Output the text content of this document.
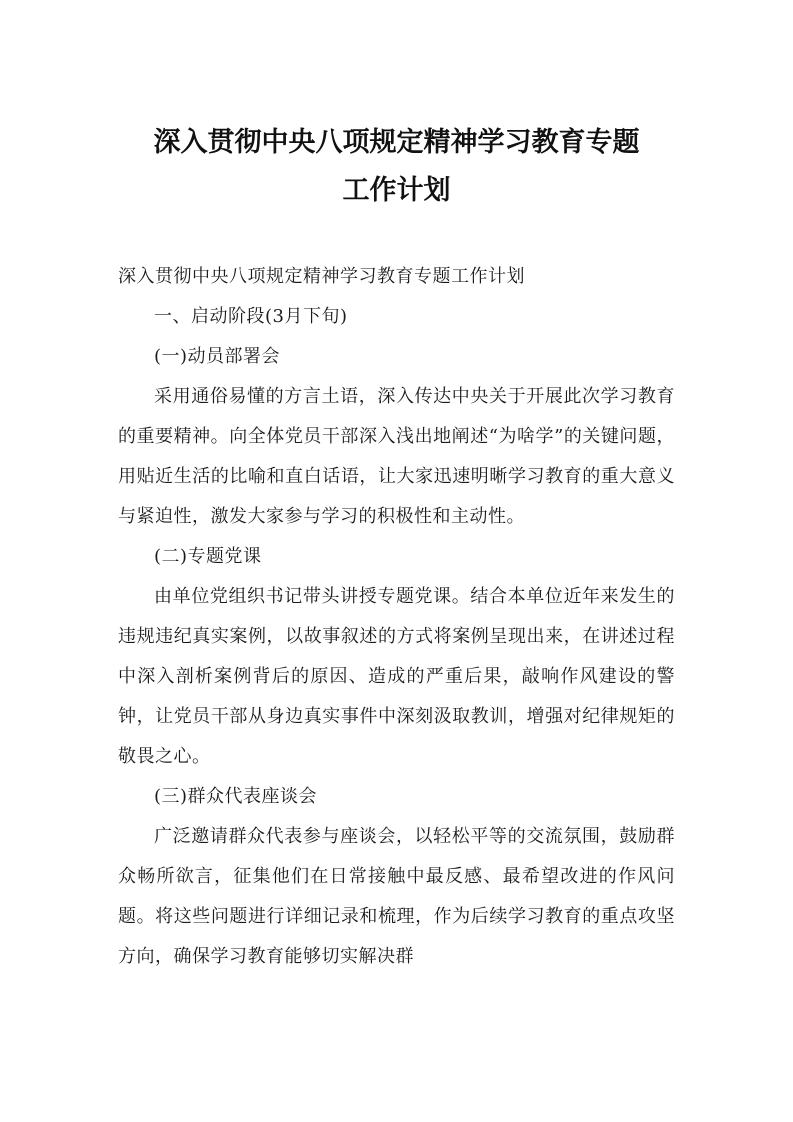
深入贯彻中央八项规定精神学习教育专题
工作计划

深入贯彻中央八项规定精神学习教育专题工作计划

一、启动阶段(3月下旬)

(一)动员部署会

采用通俗易懂的方言土语，深入传达中央关于开展此次学习教育的重要精神。向全体党员干部深入浅出地阐述“为啥学”的关键问题，用贴近生活的比喻和直白话语，让大家迅速明晰学习教育的重大意义与紧迫性，激发大家参与学习的积极性和主动性。

(二)专题党课

由单位党组织书记带头讲授专题党课。结合本单位近年来发生的违规违纪真实案例，以故事叙述的方式将案例呈现出来，在讲述过程中深入剖析案例背后的原因、造成的严重后果，敲响作风建设的警钟，让党员干部从身边真实事件中深刻汲取教训，增强对纪律规矩的敬畏之心。

(三)群众代表座谈会

广泛邀请群众代表参与座谈会，以轻松平等的交流氛围，鼓励群众畅所欲言，征集他们在日常接触中最反感、最希望改进的作风问题。将这些问题进行详细记录和梳理，作为后续学习教育的重点攻坚方向，确保学习教育能够切实解决群
